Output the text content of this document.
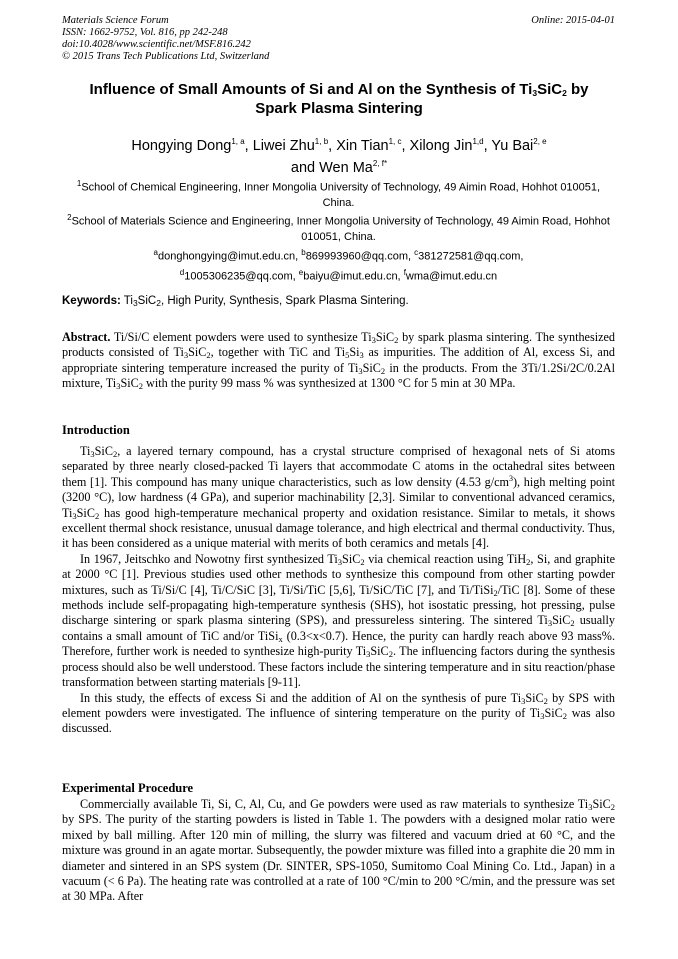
Materials Science Forum
ISSN: 1662-9752, Vol. 816, pp 242-248
doi:10.4028/www.scientific.net/MSF.816.242
© 2015 Trans Tech Publications Ltd, Switzerland
Online: 2015-04-01
Influence of Small Amounts of Si and Al on the Synthesis of $Ti_3SiC_2$ by
Spark Plasma Sintering
Hongying Dong$^{1, a}$, Liwei Zhu$^{1, b}$, Xin Tian$^{1, c}$, Xilong Jin$^{1,d}$, Yu Bai$^{2, e}$
and Wen $Ma^{2, f*}$
$^1$School of Chemical Engineering, Inner Mongolia University of Technology, 49 Aimin Road, Hohhot 010051, China.
$^2$School of Materials Science and Engineering, Inner Mongolia University of Technology, 49 Aimin Road, Hohhot 010051, China.
$^a$donghongying@imut.edu.cn, $^b$869993960@qq.com, $^c$381272581@qq.com,
$^d$1005306235@qq.com, $^e$baiyu@imut.edu.cn, $^f$wma@imut.edu.cn
Keywords: $Ti_3SiC_2$, High Purity, Synthesis, Spark Plasma Sintering.

Abstract. Ti/Si/C element powders were used to synthesize $Ti_3SiC_2$ by spark plasma sintering. The synthesized products consisted of $Ti_3SiC_2$, together with TiC and $Ti_5Si_3$ as impurities. The addition of Al, excess Si, and appropriate sintering temperature increased the purity of $Ti_3SiC_2$ in the products. From the 3Ti/1.2Si/2C/0.2Al mixture, $Ti_3SiC_2$ with the purity 99 mass % was synthesized at 1300 °C for 5 min at 30 MPa.

Introduction

$Ti_3SiC_2$, a layered ternary compound, has a crystal structure comprised of hexagonal nets of Si atoms separated by three nearly closed-packed Ti layers that accommodate C atoms in the octahedral sites between them [1]. This compound has many unique characteristics, such as low density (4.53 $g/cm^3$), high melting point (3200 °C), low hardness (4 GPa), and superior machinability [2,3]. Similar to conventional advanced ceramics, $Ti_3SiC_2$ has good high-temperature mechanical property and oxidation resistance. Similar to metals, it shows excellent thermal shock resistance, unusual damage tolerance, and high electrical and thermal conductivity. Thus, it has been considered as a unique material with merits of both ceramics and metals [4].

In 1967, Jeitschko and Nowotny first synthesized $Ti_3SiC_2$ via chemical reaction using TiH$_2$, Si, and graphite at 2000 °C [1]. Previous studies used other methods to synthesize this compound from other starting powder mixtures, such as Ti/Si/C [4], Ti/C/SiC [3], Ti/Si/TiC [5,6], Ti/SiC/TiC [7], and Ti/TiSi$_2$/TiC [8]. Some of these methods include self-propagating high-temperature synthesis (SHS), hot isostatic pressing, hot pressing, pulse discharge sintering or spark plasma sintering (SPS), and pressureless sintering. The sintered $Ti_3SiC_2$ usually contains a small amount of TiC and/or TiSi$_x$ (0.3<x<0.7). Hence, the purity can hardly reach above 93 mass%. Therefore, further work is needed to synthesize high-purity $Ti_3SiC_2$. The influencing factors during the synthesis process should also be well understood. These factors include the sintering temperature and in situ reaction/phase transformation between starting materials [9-11].

In this study, the effects of excess Si and the addition of Al on the synthesis of pure $Ti_3SiC_2$ by SPS with element powders were investigated. The influence of sintering temperature on the purity of $Ti_3SiC_2$ was also discussed.

Experimental Procedure

Commercially available Ti, Si, C, Al, Cu, and Ge powders were used as raw materials to synthesize $Ti_3SiC_2$ by SPS. The purity of the starting powders is listed in Table 1. The powders with a designed molar ratio were mixed by ball milling. After 120 min of milling, the slurry was filtered and vacuum dried at 60 °C, and the mixture was ground in an agate mortar. Subsequently, the powder mixture was filled into a graphite die 20 mm in diameter and sintered in an SPS system (Dr. SINTER, SPS-1050, Sumitomo Coal Mining Co. Ltd., Japan) in a vacuum (< 6 Pa). The heating rate was controlled at a rate of 100 °C/min to 200 °C/min, and the pressure was set at 30 MPa. After
